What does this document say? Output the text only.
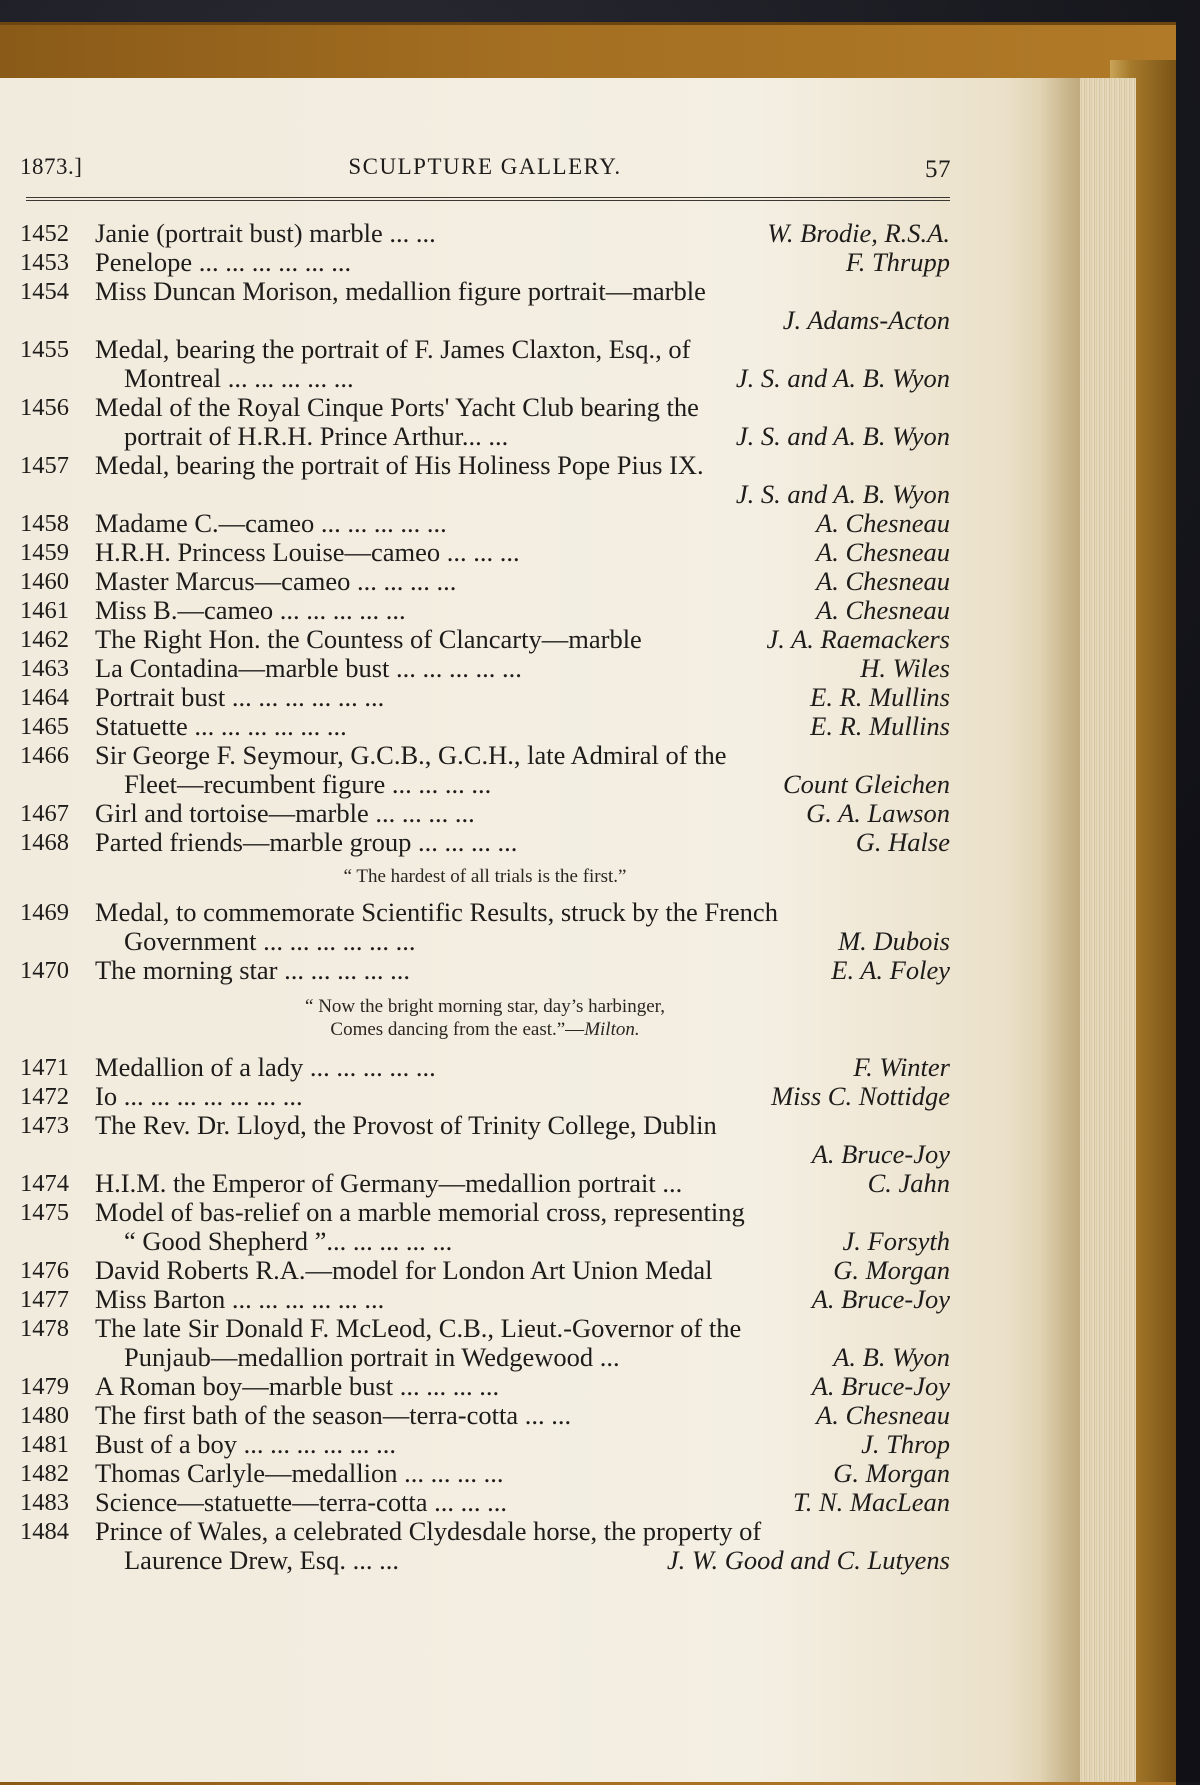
1873.]	SCULPTURE GALLERY.	57
1452 Janie (portrait bust) marble ... ...	W. Brodie, R.S.A.
1453 Penelope ... ... ... ... ... ...	F. Thrupp
1454 Miss Duncan Morison, medallion figure portrait—marble
J. Adams-Acton
1455 Medal, bearing the portrait of F. James Claxton, Esq., of
Montreal ... ... ... ... ...	J. S. and A. B. Wyon
1456 Medal of the Royal Cinque Ports' Yacht Club bearing the
portrait of H.R.H. Prince Arthur... ...	J. S. and A. B. Wyon
1457 Medal, bearing the portrait of His Holiness Pope Pius IX.
J. S. and A. B. Wyon
1458 Madame C.—cameo ... ... ... ... ...	A. Chesneau
1459 H.R.H. Princess Louise—cameo ... ... ...	A. Chesneau
1460 Master Marcus—cameo ... ... ... ...	A. Chesneau
1461 Miss B.—cameo ... ... ... ... ...	A. Chesneau
1462 The Right Hon. the Countess of Clancarty—marble	J. A. Raemackers
1463 La Contadina—marble bust ... ... ... ... ...	H. Wiles
1464 Portrait bust ... ... ... ... ... ...	E. R. Mullins
1465 Statuette ... ... ... ... ... ...	E. R. Mullins
1466 Sir George F. Seymour, G.C.B., G.C.H., late Admiral of the
Fleet—recumbent figure ... ... ... ...	Count Gleichen
1467 Girl and tortoise—marble ... ... ... ...	G. A. Lawson
1468 Parted friends—marble group ... ... ... ...	G. Halse
“ The hardest of all trials is the first.”
1469 Medal, to commemorate Scientific Results, struck by the French
Government ... ... ... ... ... ...	M. Dubois
1470 The morning star ... ... ... ... ...	E. A. Foley
“ Now the bright morning star, day’s harbinger,
Comes dancing from the east.”—Milton.
1471 Medallion of a lady ... ... ... ... ...	F. Winter
1472 Io ... ... ... ... ... ... ...	Miss C. Nottidge
1473 The Rev. Dr. Lloyd, the Provost of Trinity College, Dublin
A. Bruce-Joy
1474 H.I.M. the Emperor of Germany—medallion portrait ...	C. Jahn
1475 Model of bas-relief on a marble memorial cross, representing
“ Good Shepherd ”... ... ... ... ...	J. Forsyth
1476 David Roberts R.A.—model for London Art Union Medal	G. Morgan
1477 Miss Barton ... ... ... ... ... ...	A. Bruce-Joy
1478 The late Sir Donald F. McLeod, C.B., Lieut.-Governor of the
Punjaub—medallion portrait in Wedgewood ...	A. B. Wyon
1479 A Roman boy—marble bust ... ... ... ...	A. Bruce-Joy
1480 The first bath of the season—terra-cotta ... ...	A. Chesneau
1481 Bust of a boy ... ... ... ... ... ...	J. Throp
1482 Thomas Carlyle—medallion ... ... ... ...	G. Morgan
1483 Science—statuette—terra-cotta ... ... ...	T. N. MacLean
1484 Prince of Wales, a celebrated Clydesdale horse, the property of
Laurence Drew, Esq. ... ...	J. W. Good and C. Lutyens
